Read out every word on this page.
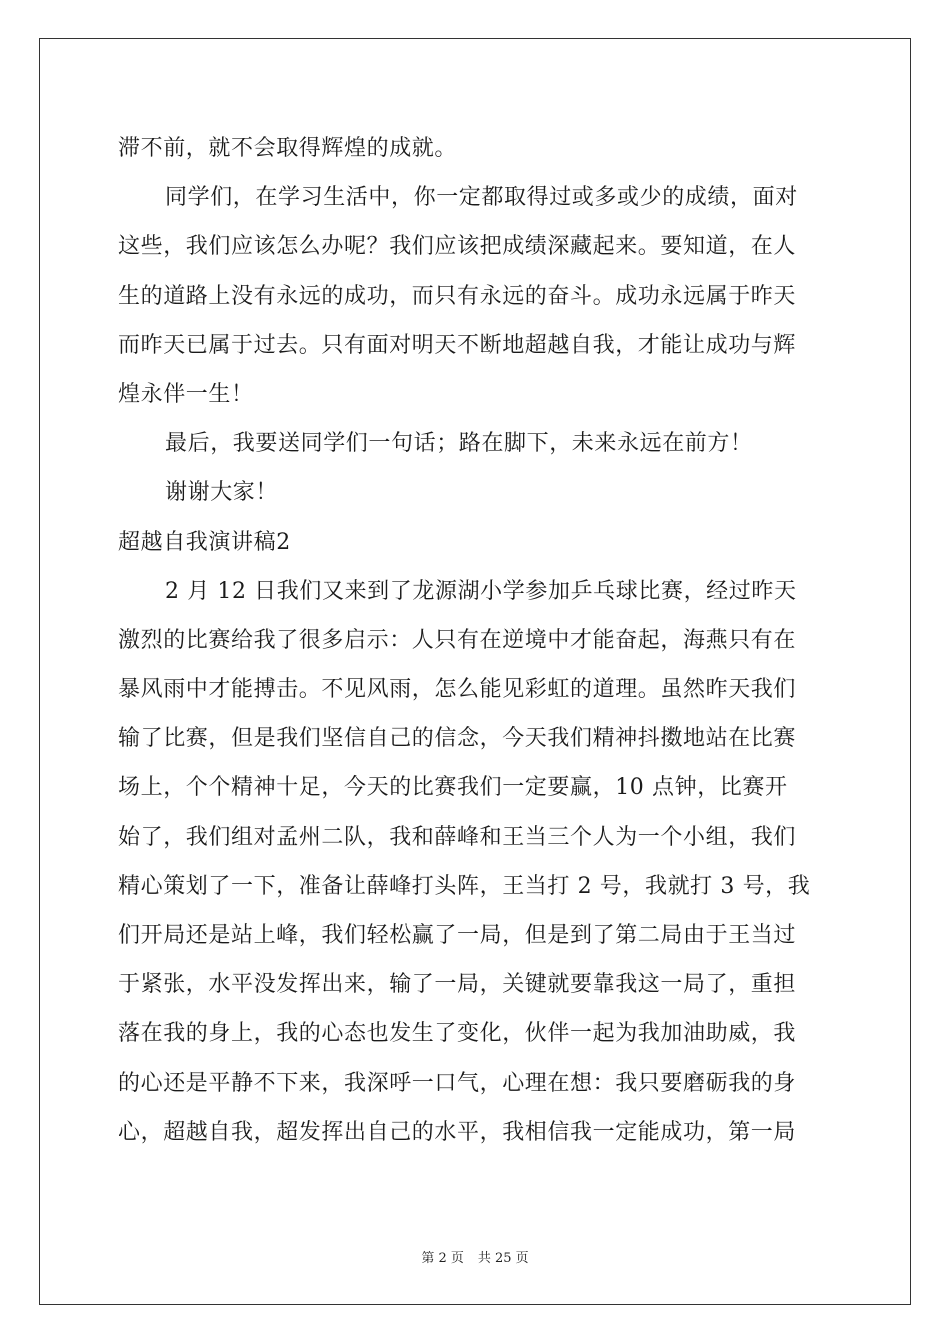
滞不前，就不会取得辉煌的成就。
同学们，在学习生活中，你一定都取得过或多或少的成绩，面对
这些，我们应该怎么办呢？我们应该把成绩深藏起来。要知道，在人
生的道路上没有永远的成功，而只有永远的奋斗。成功永远属于昨天
而昨天已属于过去。只有面对明天不断地超越自我，才能让成功与辉
煌永伴一生！
最后，我要送同学们一句话；路在脚下，未来永远在前方！
谢谢大家！
超越自我演讲稿2
2 月 12 日我们又来到了龙源湖小学参加乒乓球比赛，经过昨天
激烈的比赛给我了很多启示：人只有在逆境中才能奋起，海燕只有在
暴风雨中才能搏击。不见风雨，怎么能见彩虹的道理。虽然昨天我们
输了比赛，但是我们坚信自己的信念，今天我们精神抖擞地站在比赛
场上，个个精神十足，今天的比赛我们一定要赢，10 点钟，比赛开
始了，我们组对孟州二队，我和薛峰和王当三个人为一个小组，我们
精心策划了一下，准备让薛峰打头阵，王当打 2 号，我就打 3 号，我
们开局还是站上峰，我们轻松赢了一局，但是到了第二局由于王当过
于紧张，水平没发挥出来，输了一局，关键就要靠我这一局了，重担
落在我的身上，我的心态也发生了变化，伙伴一起为我加油助威，我
的心还是平静不下来，我深呼一口气，心理在想：我只要磨砺我的身
心，超越自我，超发挥出自己的水平，我相信我一定能成功，第一局
第 2 页 共 25 页
